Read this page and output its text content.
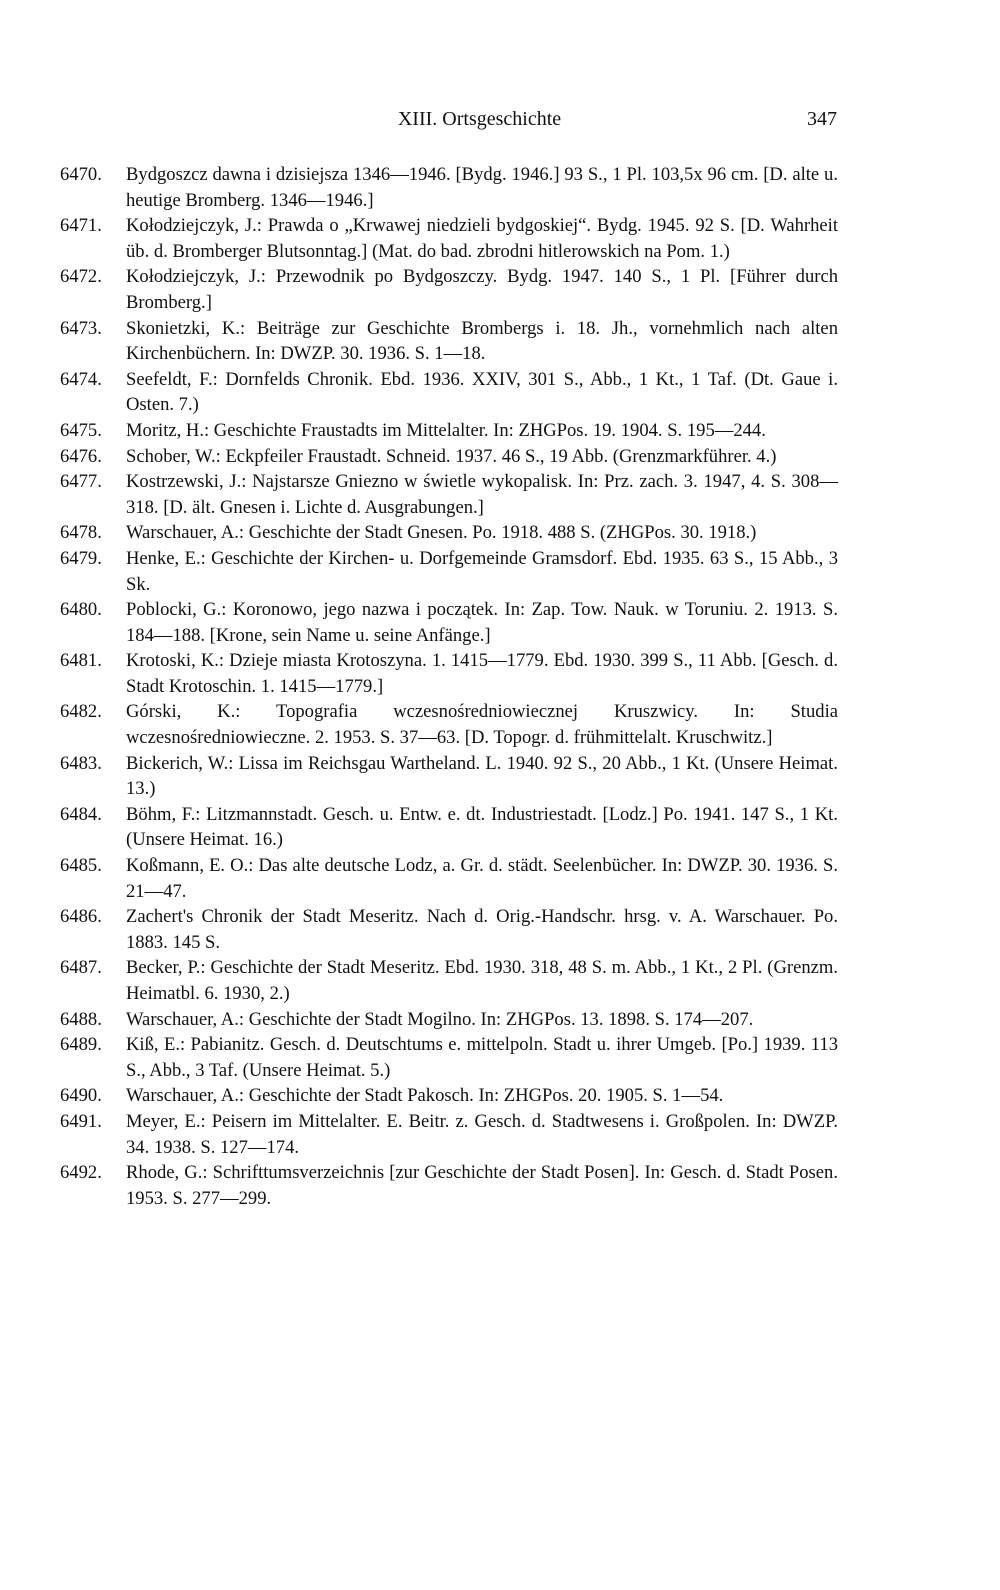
XIII. Ortsgeschichte	347

6470.	Bydgoszcz dawna i dzisiejsza 1346—1946. [Bydg. 1946.] 93 S., 1 Pl. 103,5x 96 cm. [D. alte u. heutige Bromberg. 1346—1946.]

6471.	Kołodziejczyk, J.: Prawda o „Krwawej niedzieli bydgoskiej“. Bydg. 1945. 92 S. [D. Wahrheit üb. d. Bromberger Blutsonntag.] (Mat. do bad. zbrodni hitlerowskich na Pom. 1.)

6472.	Kołodziejczyk, J.: Przewodnik po Bydgoszczy. Bydg. 1947. 140 S., 1 Pl. [Führer durch Bromberg.]

6473.	Skonietzki, K.: Beiträge zur Geschichte Brombergs i. 18. Jh., vornehmlich nach alten Kirchenbüchern. In: DWZP. 30. 1936. S. 1—18.

6474.	Seefeldt, F.: Dornfelds Chronik. Ebd. 1936. XXIV, 301 S., Abb., 1 Kt., 1 Taf. (Dt. Gaue i. Osten. 7.)

6475.	Moritz, H.: Geschichte Fraustadts im Mittelalter. In: ZHGPos. 19. 1904. S. 195—244.

6476.	Schober, W.: Eckpfeiler Fraustadt. Schneid. 1937. 46 S., 19 Abb. (Grenzmarkführer. 4.)

6477.	Kostrzewski, J.: Najstarsze Gniezno w świetle wykopalisk. In: Prz. zach. 3. 1947, 4. S. 308—318. [D. ält. Gnesen i. Lichte d. Ausgrabungen.]

6478.	Warschauer, A.: Geschichte der Stadt Gnesen. Po. 1918. 488 S. (ZHGPos. 30. 1918.)

6479.	Henke, E.: Geschichte der Kirchen- u. Dorfgemeinde Gramsdorf. Ebd. 1935. 63 S., 15 Abb., 3 Sk.

6480.	Poblocki, G.: Koronowo, jego nazwa i początek. In: Zap. Tow. Nauk. w Toruniu. 2. 1913. S. 184—188. [Krone, sein Name u. seine Anfänge.]

6481.	Krotoski, K.: Dzieje miasta Krotoszyna. 1. 1415—1779. Ebd. 1930. 399 S., 11 Abb. [Gesch. d. Stadt Krotoschin. 1. 1415—1779.]

6482.	Górski, K.: Topografia wczesnośredniowiecznej Kruszwicy. In: Studia wczesnośredniowieczne. 2. 1953. S. 37—63. [D. Topogr. d. frühmittelalt. Kruschwitz.]

6483.	Bickerich, W.: Lissa im Reichsgau Wartheland. L. 1940. 92 S., 20 Abb., 1 Kt. (Unsere Heimat. 13.)

6484.	Böhm, F.: Litzmannstadt. Gesch. u. Entw. e. dt. Industriestadt. [Lodz.] Po. 1941. 147 S., 1 Kt. (Unsere Heimat. 16.)

6485.	Koßmann, E. O.: Das alte deutsche Lodz, a. Gr. d. städt. Seelenbücher. In: DWZP. 30. 1936. S. 21—47.

6486.	Zachert's Chronik der Stadt Meseritz. Nach d. Orig.-Handschr. hrsg. v. A. Warschauer. Po. 1883. 145 S.

6487.	Becker, P.: Geschichte der Stadt Meseritz. Ebd. 1930. 318, 48 S. m. Abb., 1 Kt., 2 Pl. (Grenzm. Heimatbl. 6. 1930, 2.)

6488.	Warschauer, A.: Geschichte der Stadt Mogilno. In: ZHGPos. 13. 1898. S. 174—207.

6489.	Kiß, E.: Pabianitz. Gesch. d. Deutschtums e. mittelpoln. Stadt u. ihrer Umgeb. [Po.] 1939. 113 S., Abb., 3 Taf. (Unsere Heimat. 5.)

6490.	Warschauer, A.: Geschichte der Stadt Pakosch. In: ZHGPos. 20. 1905. S. 1—54.

6491.	Meyer, E.: Peisern im Mittelalter. E. Beitr. z. Gesch. d. Stadtwesens i. Großpolen. In: DWZP. 34. 1938. S. 127—174.

6492.	Rhode, G.: Schrifttumsverzeichnis [zur Geschichte der Stadt Posen]. In: Gesch. d. Stadt Posen. 1953. S. 277—299.
